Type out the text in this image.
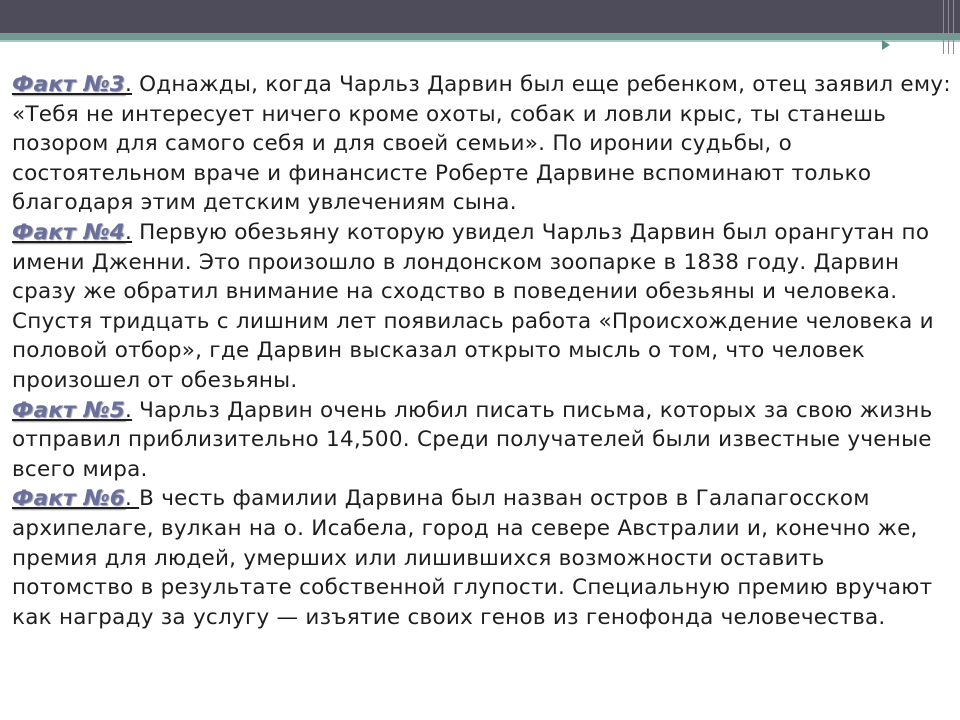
Факт №3. Однажды, когда Чарльз Дарвин был еще ребенком, отец заявил ему: «Тебя не интересует ничего кроме охоты, собак и ловли крыс, ты станешь позором для самого себя и для своей семьи». По иронии судьбы, о состоятельном враче и финансисте Роберте Дарвине вспоминают только благодаря этим детским увлечениям сына.

Факт №4. Первую обезьяну которую увидел Чарльз Дарвин был орангутан по имени Дженни. Это произошло в лондонском зоопарке в 1838 году. Дарвин сразу же обратил внимание на сходство в поведении обезьяны и человека. Спустя тридцать с лишним лет появилась работа «Происхождение человека и половой отбор», где Дарвин высказал открыто мысль о том, что человек произошел от обезьяны.

Факт №5. Чарльз Дарвин очень любил писать письма, которых за свою жизнь отправил приблизительно 14,500. Среди получателей были известные ученые всего мира.

Факт №6. В честь фамилии Дарвина был назван остров в Галапагосском архипелаге, вулкан на о. Исабела, город на севере Австралии и, конечно же, премия для людей, умерших или лишившихся возможности оставить потомство в результате собственной глупости. Специальную премию вручают как награду за услугу — изъятие своих генов из генофонда человечества.
